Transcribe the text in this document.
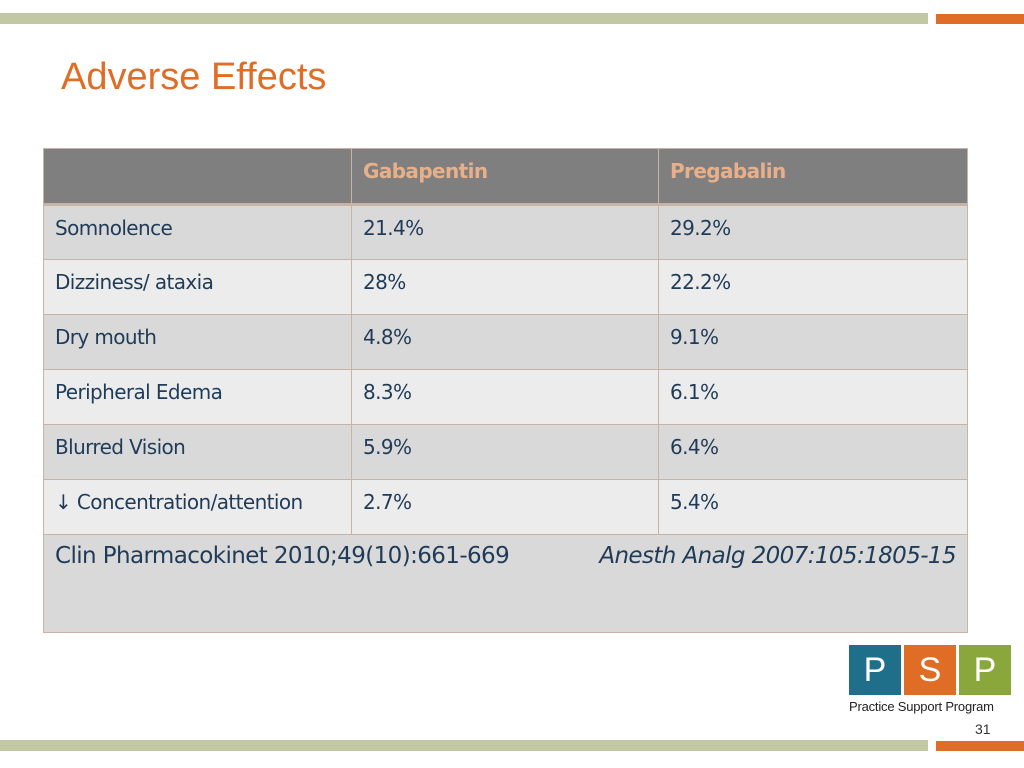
Adverse Effects
	Gabapentin	Pregabalin
Somnolence	21.4%	29.2%
Dizziness/ ataxia	28%	22.2%
Dry mouth	4.8%	9.1%
Peripheral Edema	8.3%	6.1%
Blurred Vision	5.9%	6.4%
↓ Concentration/attention	2.7%	5.4%

Clin Pharmacokinet 2010;49(10):661-669 Anesth Analg 2007:105:1805-15		
P S P
Practice Support Program
31
